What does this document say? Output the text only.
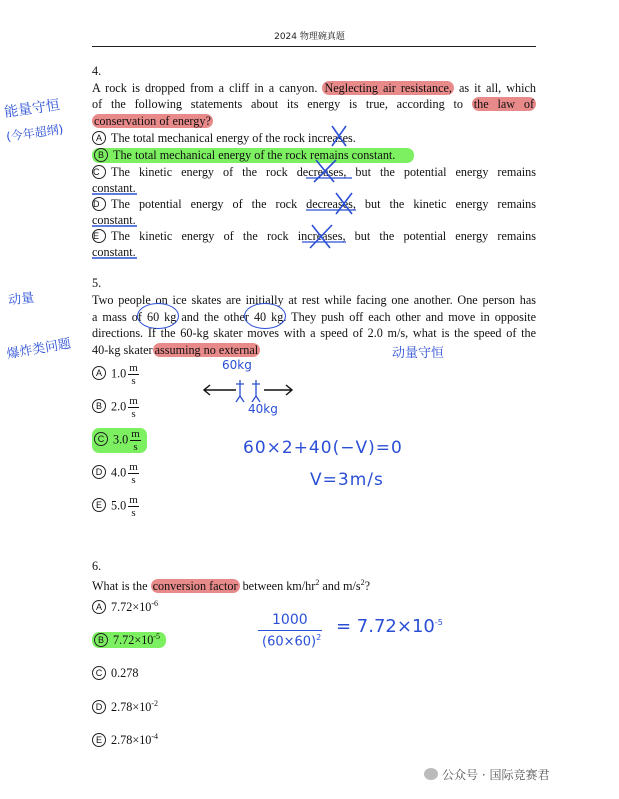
2024 物理碗真题
4.
A rock is dropped from a cliff in a canyon. Neglecting air resistance, as it all, which
of the following statements about its energy is true, according to the law of
conservation of energy?
A The total mechanical energy of the rock increases.
B The total mechanical energy of the rock remains constant.
C The kinetic energy of the rock decreases, but the potential energy remains
constant.
D The potential energy of the rock decreases, but the kinetic energy remains
constant.
E The kinetic energy of the rock increases, but the potential energy remains
constant.
能量守恒
(今年超纲)
5.
Two people on ice skates are initially at rest while facing one another. One person has
a mass of 60 kg and the other 40 kg. They push off each other and move in opposite
directions. If the 60-kg skater moves with a speed of 2.0 m/s, what is the speed of the
40-kg skater assuming no external
A $1.0 \frac{m}{s}$
B $2.0 \frac{m}{s}$
C $3.0 \frac{m}{s}$
D $4.0 \frac{m}{s}$
E $5.0 \frac{m}{s}$
动量
爆炸类问题	动量守恒
60kg
40kg
60×2+40(−V)=0
V=3m/s
6.
What is the conversion factor between $km/hr^2$ and $m/s^2$?
A $7.72\times 10^{-6}$
B $7.72\times 10^{-5}$
C 0.278
D $2.78\times 10^{-2}$
E $2.78\times 10^{-4}$
1000
$(60\times 60)^2$
= $7.72\times 10^{-5}$
公众号 · 国际竞赛君
